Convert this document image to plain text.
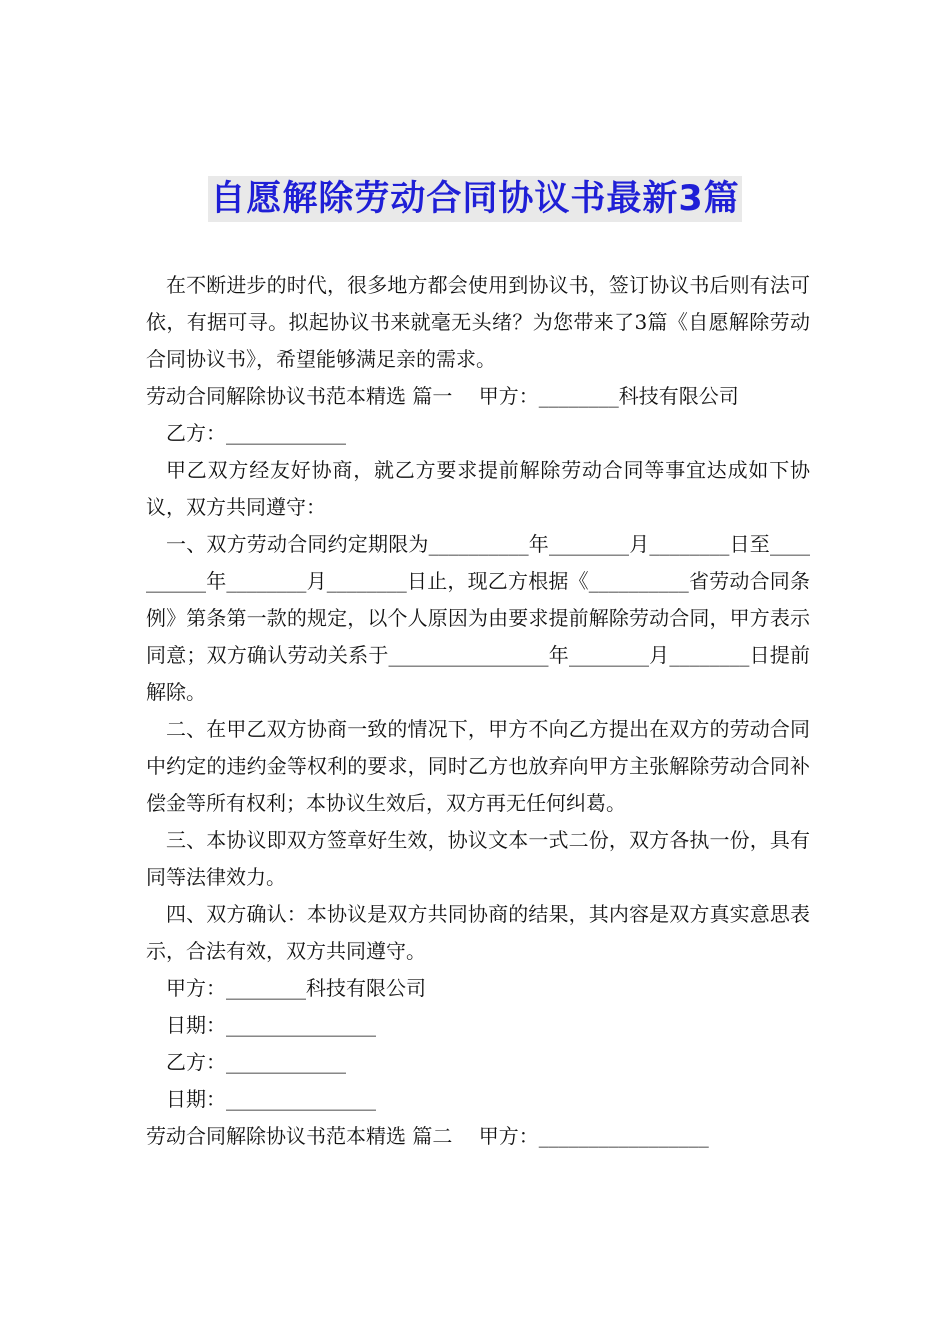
自愿解除劳动合同协议书最新3篇

在不断进步的时代，很多地方都会使用到协议书，签订协议书后则有法可依，有据可寻。拟起协议书来就毫无头绪？为您带来了3篇《自愿解除劳动合同协议书》，希望能够满足亲的需求。

劳动合同解除协议书范本精选 篇一　 甲方：________科技有限公司

乙方：____________

甲乙双方经友好协商，就乙方要求提前解除劳动合同等事宜达成如下协议，双方共同遵守：

一、双方劳动合同约定期限为__________年________月________日至__________年________月________日止，现乙方根据《__________省劳动合同条例》第条第一款的规定，以个人原因为由要求提前解除劳动合同，甲方表示同意；双方确认劳动关系于________________年________月________日提前解除。

二、在甲乙双方协商一致的情况下，甲方不向乙方提出在双方的劳动合同中约定的违约金等权利的要求，同时乙方也放弃向甲方主张解除劳动合同补偿金等所有权利；本协议生效后，双方再无任何纠葛。

三、本协议即双方签章好生效，协议文本一式二份，双方各执一份，具有同等法律效力。

四、双方确认：本协议是双方共同协商的结果，其内容是双方真实意思表示，合法有效，双方共同遵守。

甲方：________科技有限公司

日期：_______________

乙方：____________

日期：_______________

劳动合同解除协议书范本精选 篇二　 甲方：_________________
